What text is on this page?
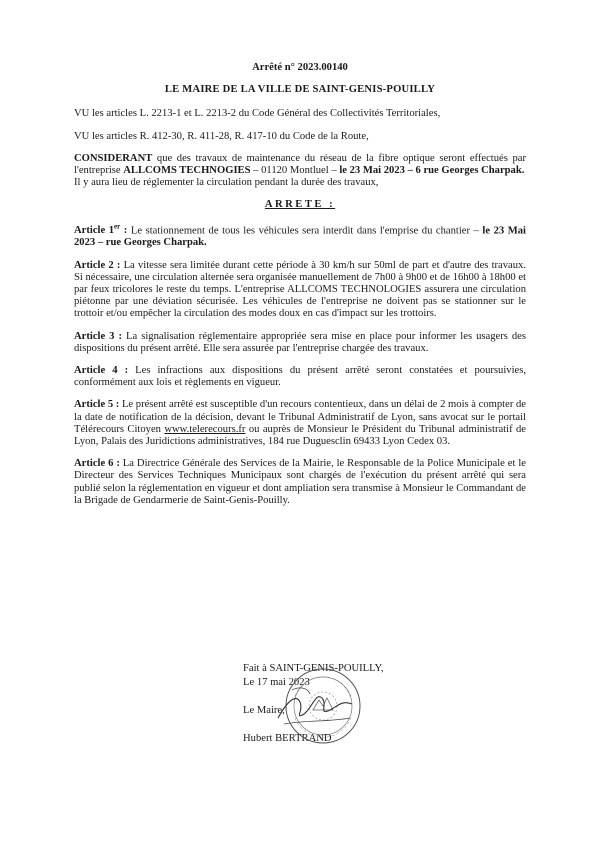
Arrêté n° 2023.00140
LE MAIRE DE LA VILLE DE SAINT-GENIS-POUILLY
VU les articles L. 2213-1 et L. 2213-2 du Code Général des Collectivités Territoriales,
VU les articles R. 412-30, R. 411-28, R. 417-10 du Code de la Route,
CONSIDERANT que des travaux de maintenance du réseau de la fibre optique seront effectués par l'entreprise ALLCOMS TECHNOGIES – 01120 Montluel – le 23 Mai 2023 – 6 rue Georges Charpak.
Il y aura lieu de réglementer la circulation pendant la durée des travaux,
ARRETE :
Article 1er : Le stationnement de tous les véhicules sera interdit dans l'emprise du chantier – le 23 Mai 2023 – rue Georges Charpak.
Article 2 : La vitesse sera limitée durant cette période à 30 km/h sur 50ml de part et d'autre des travaux. Si nécessaire, une circulation alternée sera organisée manuellement de 7h00 à 9h00 et de 16h00 à 18h00 et par feux tricolores le reste du temps. L'entreprise ALLCOMS TECHNOLOGIES assurera une circulation piétonne par une déviation sécurisée. Les véhicules de l'entreprise ne doivent pas se stationner sur le trottoir et/ou empêcher la circulation des modes doux en cas d'impact sur les trottoirs.
Article 3 : La signalisation réglementaire appropriée sera mise en place pour informer les usagers des dispositions du présent arrêté. Elle sera assurée par l'entreprise chargée des travaux.
Article 4 : Les infractions aux dispositions du présent arrêté seront constatées et poursuivies, conformément aux lois et règlements en vigueur.
Article 5 : Le présent arrêté est susceptible d'un recours contentieux, dans un délai de 2 mois à compter de la date de notification de la décision, devant le Tribunal Administratif de Lyon, sans avocat sur le portail Télérecours Citoyen www.telerecours.fr ou auprès de Monsieur le Président du Tribunal administratif de Lyon, Palais des Juridictions administratives, 184 rue Duguesclin 69433 Lyon Cedex 03.
Article 6 : La Directrice Générale des Services de la Mairie, le Responsable de la Police Municipale et le Directeur des Services Techniques Municipaux sont chargés de l'exécution du présent arrêté qui sera publié selon la réglementation en vigueur et dont ampliation sera transmise à Monsieur le Commandant de la Brigade de Gendarmerie de Saint-Genis-Pouilly.
Fait à SAINT-GENIS-POUILLY,
Le 17 mai 2023
Le Maire,
Hubert BERTRAND
